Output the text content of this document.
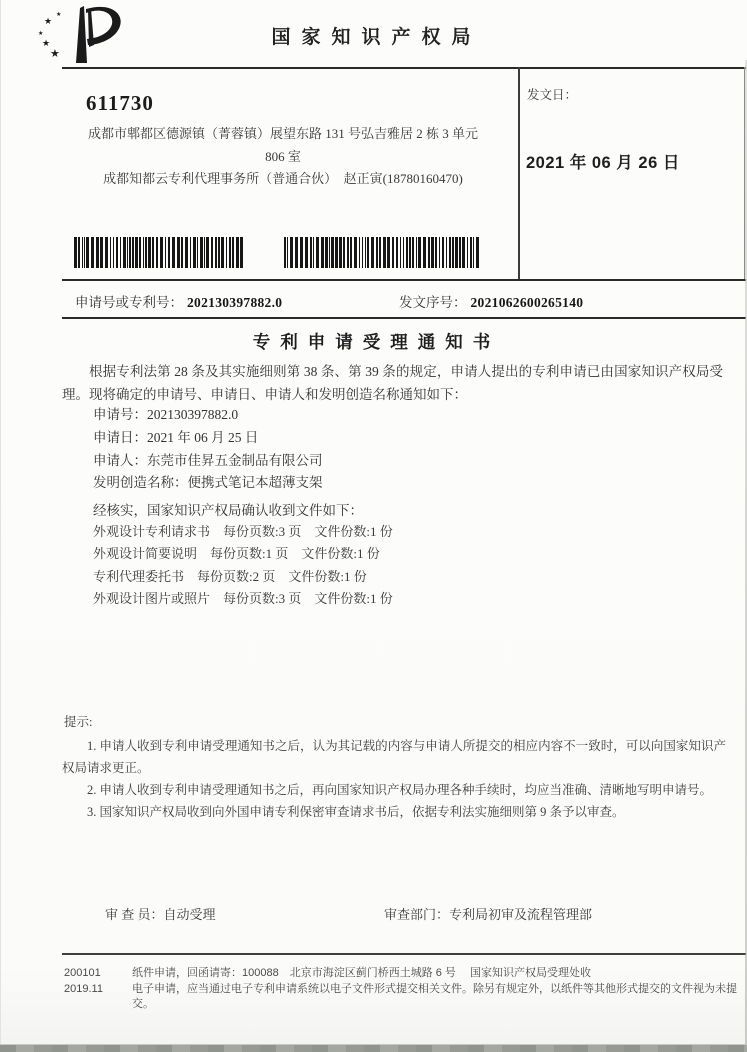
★
★
★
★
★
国家知识产权局
611730
成都市郫都区德源镇（菁蓉镇）展望东路 131 号弘吉雅居 2 栋 3 单元
806 室
成都知都云专利代理事务所（普通合伙）　赵正寅(18780160470)
发文日：
2021 年 06 月 26 日
申请号或专利号： 202130397882.0	发文序号： 2021062600265140
专利申请受理通知书
根据专利法第 28 条及其实施细则第 38 条、第 39 条的规定，申请人提出的专利申请已由国家知识产权局受理。现将确定的申请号、申请日、申请人和发明创造名称通知如下：
申请号：202130397882.0
申请日：2021 年 06 月 25 日
申请人：东莞市佳昇五金制品有限公司
发明创造名称：便携式笔记本超薄支架
经核实，国家知识产权局确认收到文件如下：
外观设计专利请求书　每份页数:3 页　文件份数:1 份
外观设计简要说明　每份页数:1 页　文件份数:1 份
专利代理委托书　每份页数:2 页　文件份数:1 份
外观设计图片或照片　每份页数:3 页　文件份数:1 份
提示:

1. 申请人收到专利申请受理通知书之后，认为其记载的内容与申请人所提交的相应内容不一致时，可以向国家知识产权局请求更正。

2. 申请人收到专利申请受理通知书之后，再向国家知识产权局办理各种手续时，均应当准确、清晰地写明申请号。

3. 国家知识产权局收到向外国申请专利保密审查请求书后，依据专利法实施细则第 9 条予以审查。

审 查 员：自动受理	审查部门：专利局初审及流程管理部
200101
2019.11

纸件申请，回函请寄：100088　北京市海淀区蓟门桥西土城路 6 号　 国家知识产权局受理处收

电子申请，应当通过电子专利申请系统以电子文件形式提交相关文件。除另有规定外，以纸件等其他形式提交的文件视为未提交。
